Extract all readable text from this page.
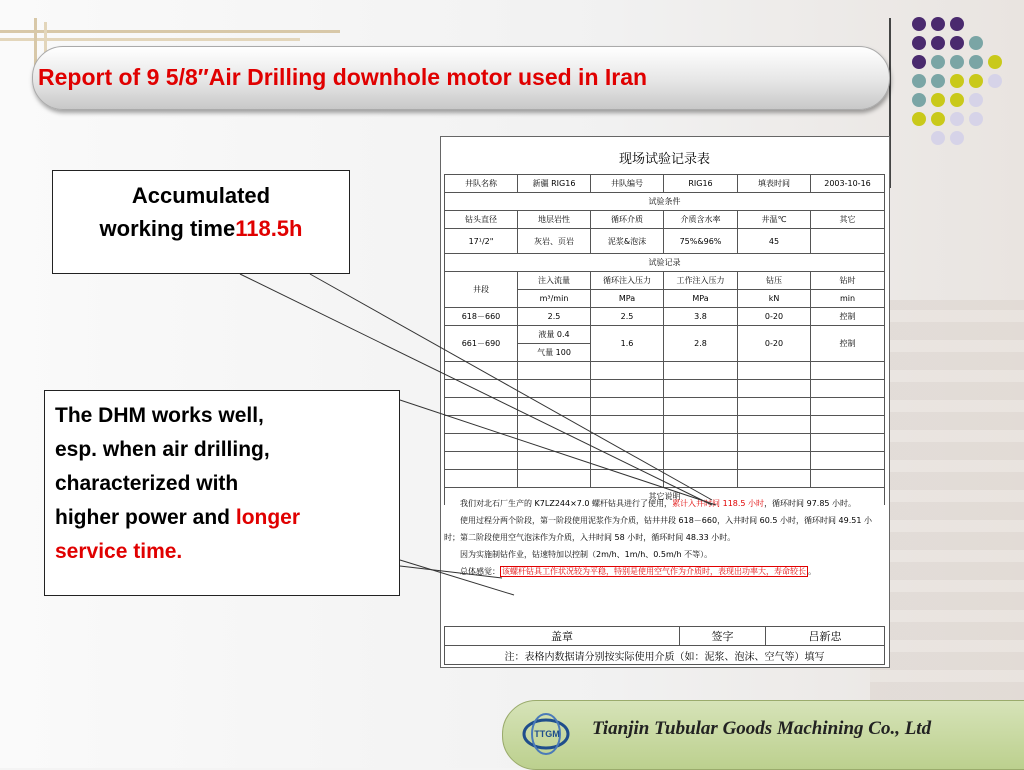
Report of 9 5/8″Air Drilling downhole motor used in Iran
Accumulated
working time118.5h
The DHM works well,
esp. when air drilling,
characterized with
higher power and longer
service time.
现场试验记录表					
井队名称	新疆 RIG16	井队编号	RIG16	填表时间	2003-10-16
试验条件					
钻头直径	地层岩性	循环介质	介质含水率	井温℃	其它
17¹/2"	灰岩、页岩	泥浆&泡沫	75%&96%	45	
试验记录					
井段	注入流量	循环注入压力	工作注入压力	钻压	钻时
	m³/min	MPa	MPa	kN	min
618－660	2.5	2.5	3.8	0-20	控制
661－690	液量 0.4	1.6	2.8	0-20	控制
	气量 100				

其它说明					

我们对北石厂生产的 K7LZ244×7.0 螺杆钻具进行了使用，累计入井时间 118.5 小时，循环时间 97.85 小时。

使用过程分两个阶段，第一阶段使用泥浆作为介质，钻井井段 618－660，入井时间 60.5 小时，循环时间 49.51 小时；第二阶段使用空气泡沫作为介质，入井时间 58 小时，循环时间 48.33 小时。

因为实施制钻作业，钻速特加以控制（2m/h、1m/h、0.5m/h 不等）。

总体感觉： 该螺杆钻具工作状况较为平稳，特别是使用空气作为介质时，表现出功率大，寿命较长 。

盖章	签字	吕新忠
注：表格内数据请分别按实际使用介质（如：泥浆、泡沫、空气等）填写
TTGM Tianjin Tubular Goods Machining Co., Ltd
